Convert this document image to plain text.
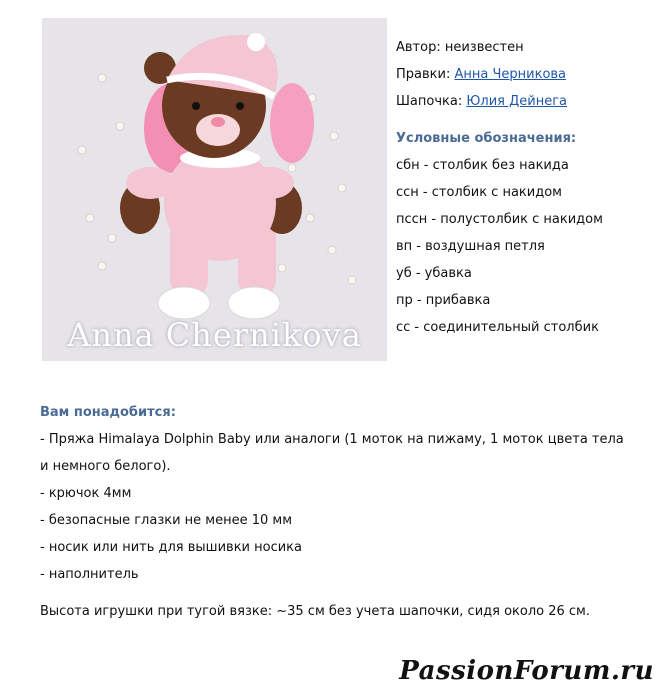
Anna Chernikova
Автор: неизвестен
Правки: Анна Черникова
Шапочка: Юлия Дейнега
Условные обозначения:
сбн - столбик без накида
ссн - столбик с накидом
пссн - полустолбик с накидом
вп - воздушная петля
уб - убавка
пр - прибавка
сс - соединительный столбик
Вам понадобится:
- Пряжа Himalaya Dolphin Baby или аналоги (1 моток на пижаму, 1 моток цвета тела и немного белого).
- крючок 4мм
- безопасные глазки не менее 10 мм
- носик или нить для вышивки носика
- наполнитель
Высота игрушки при тугой вязке: ~35 см без учета шапочки, сидя около 26 см.
PassionForum.ru
